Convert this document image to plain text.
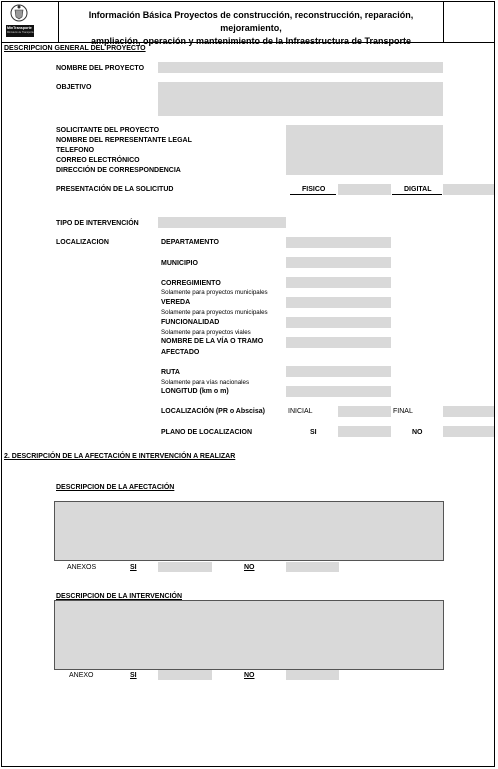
MinTransporte
Ministerio de Transporte
Información Básica Proyectos de construcción, reconstrucción, reparación, mejoramiento,
ampliación, operación y mantenimiento de la Infraestructura de Transporte
DESCRIPCION GENERAL DEL PROYECTO
NOMBRE DEL PROYECTO
OBJETIVO
SOLICITANTE DEL PROYECTO
NOMBRE DEL REPRESENTANTE LEGAL
TELEFONO
CORREO ELECTRÓNICO
DIRECCIÓN DE CORRESPONDENCIA
PRESENTACIÓN DE LA SOLICITUD	FISICO	DIGITAL
TIPO DE INTERVENCIÓN
LOCALIZACION	DEPARTAMENTO
MUNICIPIO
CORREGIMIENTO
Solamente para proyectos municipales
VEREDA
Solamente para proyectos municipales
FUNCIONALIDAD
Solamente para proyectos viales
NOMBRE DE LA VÍA O TRAMO
AFECTADO
RUTA
Solamente para vías nacionales
LONGITUD (km o m)
LOCALIZACIÓN (PR o Abscisa)	INICIAL	FINAL
PLANO DE LOCALIZACION	SI	NO
2. DESCRIPCIÓN DE LA AFECTACIÓN E INTERVENCIÓN A REALIZAR
DESCRIPCION DE LA AFECTACIÓN
ANEXOS	SI	NO
DESCRIPCION DE LA INTERVENCIÓN
ANEXO	SI	NO
